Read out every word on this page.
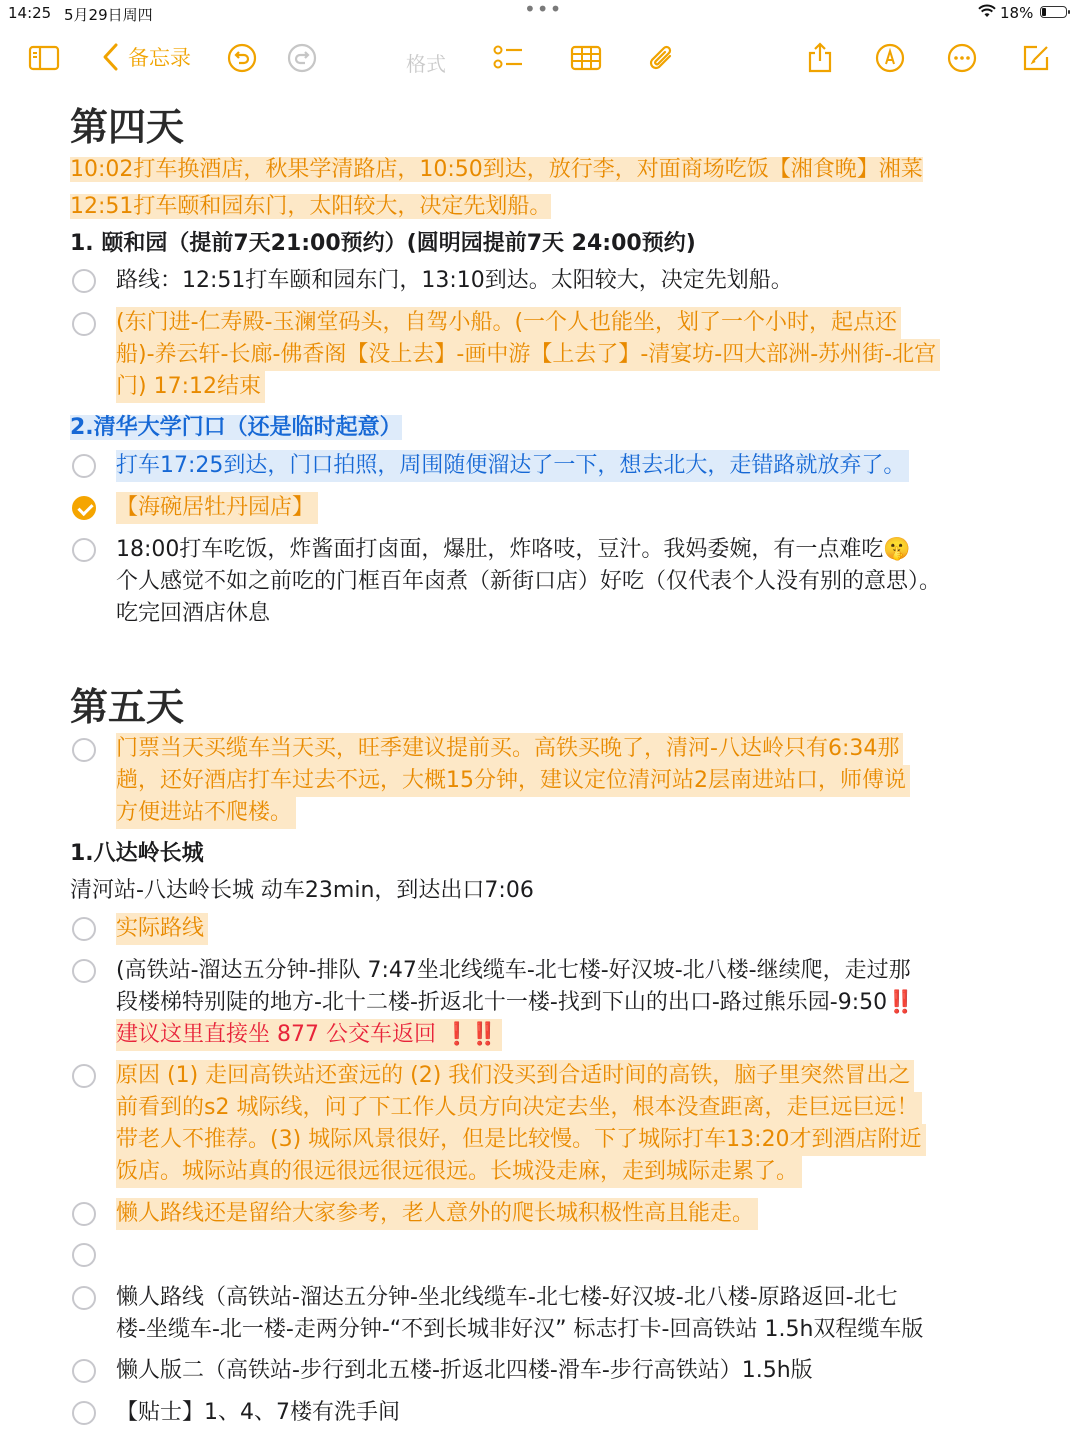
14:25 5月29日周四	•••	18%
备忘录	格式
第四天
10:02打车换酒店，秋果学清路店，10:50到达，放行李，对面商场吃饭【湘食晚】湘菜
12:51打车颐和园东门，太阳较大，决定先划船。
1. 颐和园（提前7天21:00预约）(圆明园提前7天 24:00预约)
路线：12:51打车颐和园东门，13:10到达。太阳较大，决定先划船。
(东门进-仁寿殿-玉澜堂码头，自驾小船。(一个人也能坐，划了一个小时，起点还
船)-养云轩-长廊-佛香阁【没上去】-画中游【上去了】-清宴坊-四大部洲-苏州街-北宫
门) 17:12结束
2.清华大学门口（还是临时起意）
打车17:25到达，门口拍照，周围随便溜达了一下，想去北大，走错路就放弃了。
【海碗居牡丹园店】
18:00打车吃饭，炸酱面打卤面，爆肚，炸咯吱，豆汁。我妈委婉，有一点难吃🤫
个人感觉不如之前吃的门框百年卤煮（新街口店）好吃（仅代表个人没有别的意思）。
吃完回酒店休息
第五天
门票当天买缆车当天买，旺季建议提前买。高铁买晚了，清河-八达岭只有6:34那
趟，还好酒店打车过去不远，大概15分钟，建议定位清河站2层南进站口，师傅说
方便进站不爬楼。
1.八达岭长城
清河站-八达岭长城 动车23min，到达出口7:06
实际路线
(高铁站-溜达五分钟-排队 7:47坐北线缆车-北七楼-好汉坡-北八楼-继续爬，走过那
段楼梯特别陡的地方-北十二楼-折返北十一楼-找到下山的出口-路过熊乐园-9:50‼️
建议这里直接坐 877 公交车返回 ❗‼️
原因 (1) 走回高铁站还蛮远的 (2) 我们没买到合适时间的高铁，脑子里突然冒出之
前看到的s2 城际线，问了下工作人员方向决定去坐，根本没查距离，走巨远巨远！
带老人不推荐。(3) 城际风景很好，但是比较慢。下了城际打车13:20才到酒店附近
饭店。城际站真的很远很远很远很远。长城没走麻，走到城际走累了。
懒人路线还是留给大家参考，老人意外的爬长城积极性高且能走。
懒人路线（高铁站-溜达五分钟-坐北线缆车-北七楼-好汉坡-北八楼-原路返回-北七
楼-坐缆车-北一楼-走两分钟-“不到长城非好汉” 标志打卡-回高铁站 1.5h双程缆车版
懒人版二（高铁站-步行到北五楼-折返北四楼-滑车-步行高铁站）1.5h版
【贴士】1、4、7楼有洗手间
